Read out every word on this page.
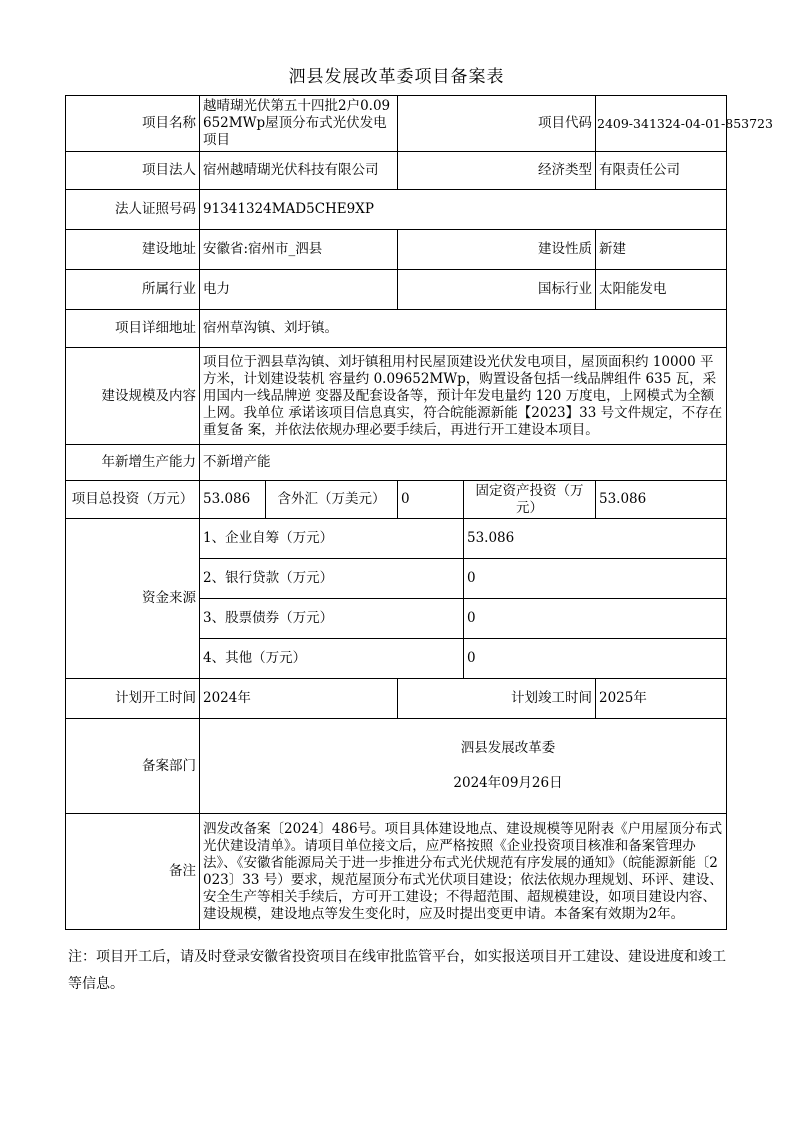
泗县发展改革委项目备案表
项目名称	越晴瑚光伏第五十四批2户0.09652MWp屋顶分布式光伏发电项目		项目代码		2409-341324-04-01-853723
项目法人	宿州越晴瑚光伏科技有限公司		经济类型		有限责任公司
法人证照号码	91341324MAD5CHE9XP				
建设地址	安徽省:宿州市_泗县		建设性质		新建
所属行业	电力		国标行业		太阳能发电
项目详细地址	宿州草沟镇、刘圩镇。				
建设规模及内容	项目位于泗县草沟镇、刘圩镇租用村民屋顶建设光伏发电项目，屋顶面积约 10000 平方米，计划建设装机 容量约 0.09652MWp，购置设备包括一线品牌组件 635 瓦，采用国内一线品牌逆 变器及配套设备等，预计年发电量约 120 万度电，上网模式为全额上网。我单位 承诺该项目信息真实，符合皖能源新能【2023】33 号文件规定，不存在重复备 案，并依法依规办理必要手续后，再进行开工建设本项目。				
年新增生产能力	不新增产能				
项目总投资（万元）	53.086	含外汇（万美元）	0	固定资产投资（万元）	53.086
资金来源	1、企业自筹（万元）			53.086	
	2、银行贷款（万元）			0	
	3、股票债券（万元）			0	
	4、其他（万元）			0	
计划开工时间	2024年		计划竣工时间		2025年
备案部门	泗县发展改革委
2024年09月26日				

备注	泗发改备案〔2024〕486号。项目具体建设地点、建设规模等见附表《户用屋顶分布式光伏建设清单》。请项目单位接文后，应严格按照《企业投资项目核准和备案管理办法》、《安徽省能源局关于进一步推进分布式光伏规范有序发展的通知》（皖能源新能〔2023〕33 号）要求，规范屋顶分布式光伏项目建设；依法依规办理规划、环评、建设、安全生产等相关手续后，方可开工建设；不得超范围、超规模建设，如项目建设内容、建设规模，建设地点等发生变化时，应及时提出变更申请。本备案有效期为2年。				
注：项目开工后，请及时登录安徽省投资项目在线审批监管平台，如实报送项目开工建设、建设进度和竣工等信息。
